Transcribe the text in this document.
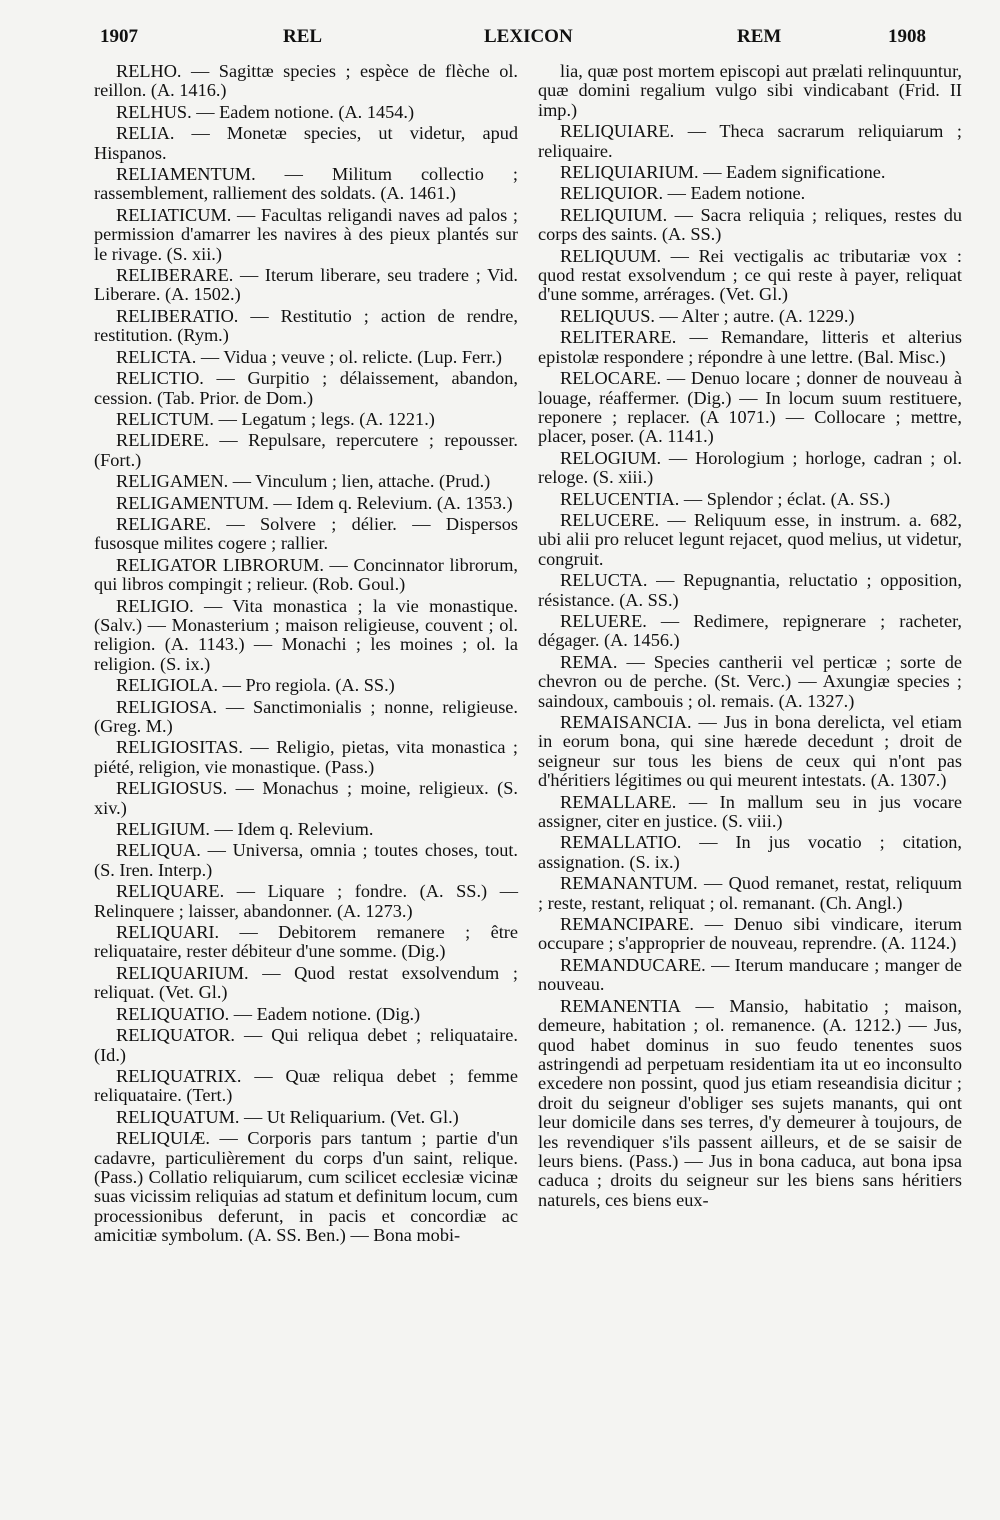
1907	REL	LEXICON	REM	1908

RELHO. — Sagittæ species ; espèce de flèche ol. reillon. (A. 1416.)

RELHUS. — Eadem notione. (A. 1454.)

RELIA. — Monetæ species, ut videtur, apud Hispanos.

RELIAMENTUM. — Militum collectio ; rassemblement, ralliement des soldats. (A. 1461.)

RELIATICUM. — Facultas religandi naves ad palos ; permission d'amarrer les navires à des pieux plantés sur le rivage. (S. xii.)

RELIBERARE. — Iterum liberare, seu tradere ; Vid. Liberare. (A. 1502.)

RELIBERATIO. — Restitutio ; action de rendre, restitution. (Rym.)

RELICTA. — Vidua ; veuve ; ol. relicte. (Lup. Ferr.)

RELICTIO. — Gurpitio ; délaissement, abandon, cession. (Tab. Prior. de Dom.)

RELICTUM. — Legatum ; legs. (A. 1221.)

RELIDERE. — Repulsare, repercutere ; repousser. (Fort.)

RELIGAMEN. — Vinculum ; lien, attache. (Prud.)

RELIGAMENTUM. — Idem q. Relevium. (A. 1353.)

RELIGARE. — Solvere ; délier. — Dispersos fusosque milites cogere ; rallier.

RELIGATOR LIBRORUM. — Concinnator librorum, qui libros compingit ; relieur. (Rob. Goul.)

RELIGIO. — Vita monastica ; la vie monastique. (Salv.) — Monasterium ; maison religieuse, couvent ; ol. religion. (A. 1143.) — Monachi ; les moines ; ol. la religion. (S. ix.)

RELIGIOLA. — Pro regiola. (A. SS.)

RELIGIOSA. — Sanctimonialis ; nonne, religieuse. (Greg. M.)

RELIGIOSITAS. — Religio, pietas, vita monastica ; piété, religion, vie monastique. (Pass.)

RELIGIOSUS. — Monachus ; moine, religieux. (S. xiv.)

RELIGIUM. — Idem q. Relevium.

RELIQUA. — Universa, omnia ; toutes choses, tout. (S. Iren. Interp.)

RELIQUARE. — Liquare ; fondre. (A. SS.) — Relinquere ; laisser, abandonner. (A. 1273.)

RELIQUARI. — Debitorem remanere ; être reliquataire, rester débiteur d'une somme. (Dig.)

RELIQUARIUM. — Quod restat exsolvendum ; reliquat. (Vet. Gl.)

RELIQUATIO. — Eadem notione. (Dig.)

RELIQUATOR. — Qui reliqua debet ; reliquataire. (Id.)

RELIQUATRIX. — Quæ reliqua debet ; femme reliquataire. (Tert.)

RELIQUATUM. — Ut Reliquarium. (Vet. Gl.)

RELIQUIÆ. — Corporis pars tantum ; partie d'un cadavre, particulièrement du corps d'un saint, relique. (Pass.) Collatio reliquiarum, cum scilicet ecclesiæ vicinæ suas vicissim reliquias ad statum et definitum locum, cum processionibus deferunt, in pacis et concordiæ ac amicitiæ symbolum. (A. SS. Ben.) — Bona mobi-

lia, quæ post mortem episcopi aut prælati relinquuntur, quæ domini regalium vulgo sibi vindicabant (Frid. II imp.)

RELIQUIARE. — Theca sacrarum reliquiarum ; reliquaire.

RELIQUIARIUM. — Eadem significatione.

RELIQUIOR. — Eadem notione.

RELIQUIUM. — Sacra reliquia ; reliques, restes du corps des saints. (A. SS.)

RELIQUUM. — Rei vectigalis ac tributariæ vox : quod restat exsolvendum ; ce qui reste à payer, reliquat d'une somme, arrérages. (Vet. Gl.)

RELIQUUS. — Alter ; autre. (A. 1229.)

RELITERARE. — Remandare, litteris et alterius epistolæ respondere ; répondre à une lettre. (Bal. Misc.)

RELOCARE. — Denuo locare ; donner de nouveau à louage, réaffermer. (Dig.) — In locum suum restituere, reponere ; replacer. (A 1071.) — Collocare ; mettre, placer, poser. (A. 1141.)

RELOGIUM. — Horologium ; horloge, cadran ; ol. reloge. (S. xiii.)

RELUCENTIA. — Splendor ; éclat. (A. SS.)

RELUCERE. — Reliquum esse, in instrum. a. 682, ubi alii pro relucet legunt rejacet, quod melius, ut videtur, congruit.

RELUCTA. — Repugnantia, reluctatio ; opposition, résistance. (A. SS.)

RELUERE. — Redimere, repignerare ; racheter, dégager. (A. 1456.)

REMA. — Species cantherii vel perticæ ; sorte de chevron ou de perche. (St. Verc.) — Axungiæ species ; saindoux, cambouis ; ol. remais. (A. 1327.)

REMAISANCIA. — Jus in bona derelicta, vel etiam in eorum bona, qui sine hærede decedunt ; droit de seigneur sur tous les biens de ceux qui n'ont pas d'héritiers légitimes ou qui meurent intestats. (A. 1307.)

REMALLARE. — In mallum seu in jus vocare assigner, citer en justice. (S. viii.)

REMALLATIO. — In jus vocatio ; citation, assignation. (S. ix.)

REMANANTUM. — Quod remanet, restat, reliquum ; reste, restant, reliquat ; ol. remanant. (Ch. Angl.)

REMANCIPARE. — Denuo sibi vindicare, iterum occupare ; s'approprier de nouveau, reprendre. (A. 1124.)

REMANDUCARE. — Iterum manducare ; manger de nouveau.

REMANENTIA — Mansio, habitatio ; maison, demeure, habitation ; ol. remanence. (A. 1212.) — Jus, quod habet dominus in suo feudo tenentes suos astringendi ad perpetuam residentiam ita ut eo inconsulto excedere non possint, quod jus etiam reseandisia dicitur ; droit du seigneur d'obliger ses sujets manants, qui ont leur domicile dans ses terres, d'y demeurer à toujours, de les revendiquer s'ils passent ailleurs, et de se saisir de leurs biens. (Pass.) — Jus in bona caduca, aut bona ipsa caduca ; droits du seigneur sur les biens sans héritiers naturels, ces biens eux-
